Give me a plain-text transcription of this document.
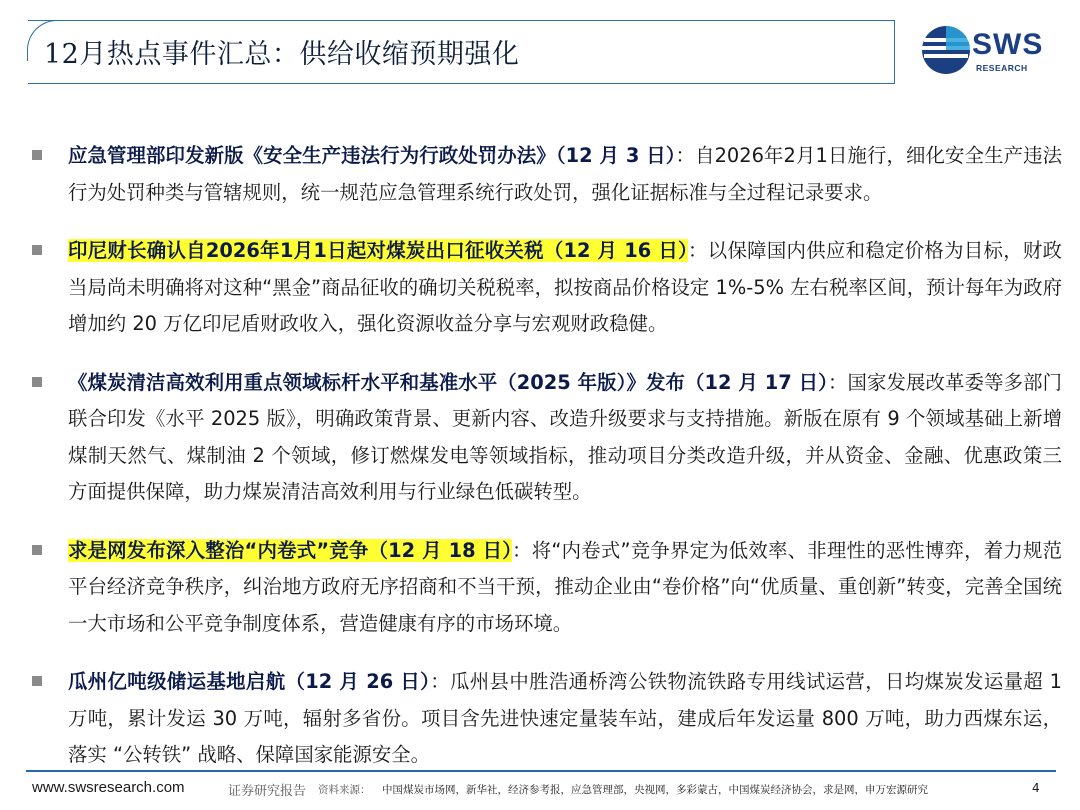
12月热点事件汇总：供给收缩预期强化	SWS
RESEARCH

应急管理部印发新版《安全生产违法行为行政处罚办法》（12 月 3 日）：自2026年2月1日施行，细化安全生产违法行为处罚种类与管辖规则，统一规范应急管理系统行政处罚，强化证据标准与全过程记录要求。

印尼财长确认自2026年1月1日起对煤炭出口征收关税（12 月 16 日）：以保障国内供应和稳定价格为目标，财政当局尚未明确将对这种“黑金”商品征收的确切关税税率，拟按商品价格设定 1%-5% 左右税率区间，预计每年为政府增加约 20 万亿印尼盾财政收入，强化资源收益分享与宏观财政稳健。

《煤炭清洁高效利用重点领域标杆水平和基准水平（2025 年版）》发布（12 月 17 日）：国家发展改革委等多部门联合印发《水平 2025 版》，明确政策背景、更新内容、改造升级要求与支持措施。新版在原有 9 个领域基础上新增煤制天然气、煤制油 2 个领域，修订燃煤发电等领域指标，推动项目分类改造升级，并从资金、金融、优惠政策三方面提供保障，助力煤炭清洁高效利用与行业绿色低碳转型。

求是网发布深入整治“内卷式”竞争（12 月 18 日）：将“内卷式”竞争界定为低效率、非理性的恶性博弈，着力规范平台经济竞争秩序，纠治地方政府无序招商和不当干预，推动企业由“卷价格”向“优质量、重创新”转变，完善全国统一大市场和公平竞争制度体系，营造健康有序的市场环境。

瓜州亿吨级储运基地启航（12 月 26 日）：瓜州县中胜浩通桥湾公铁物流铁路专用线试运营，日均煤炭发运量超 1 万吨，累计发运 30 万吨，辐射多省份。项目含先进快速定量装车站，建成后年发运量 800 万吨，助力西煤东运，落实 “公转铁” 战略、保障国家能源安全。

www.swsresearch.com	证券研究报告 资料来源： 中国煤炭市场网，新华社，经济参考报，应急管理部，央视网，多彩蒙古，中国煤炭经济协会，求是网，申万宏源研究	4
